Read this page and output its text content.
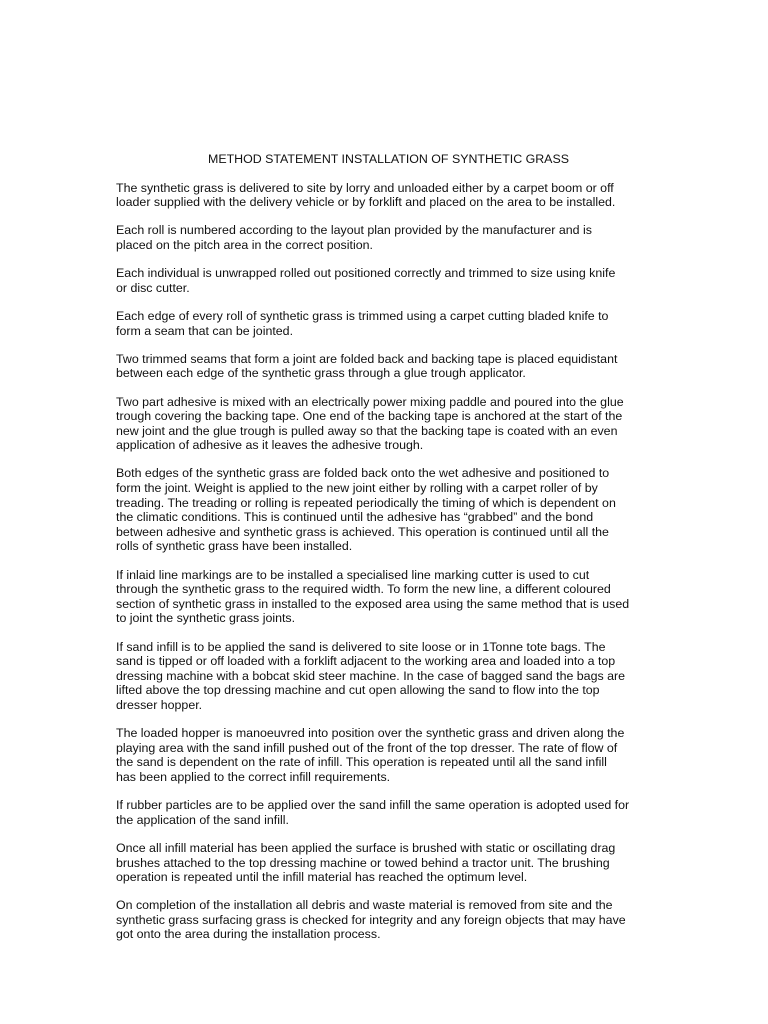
METHOD STATEMENT INSTALLATION OF SYNTHETIC GRASS

The synthetic grass is delivered to site by lorry and unloaded either by a carpet boom or off
loader supplied with the delivery vehicle or by forklift and placed on the area to be installed.

Each roll is numbered according to the layout plan provided by the manufacturer and is
placed on the pitch area in the correct position.

Each individual is unwrapped rolled out positioned correctly and trimmed to size using knife
or disc cutter.

Each edge of every roll of synthetic grass is trimmed using a carpet cutting bladed knife to
form a seam that can be jointed.

Two trimmed seams that form a joint are folded back and backing tape is placed equidistant
between each edge of the synthetic grass through a glue trough applicator.

Two part adhesive is mixed with an electrically power mixing paddle and poured into the glue
trough covering the backing tape. One end of the backing tape is anchored at the start of the
new joint and the glue trough is pulled away so that the backing tape is coated with an even
application of adhesive as it leaves the adhesive trough.

Both edges of the synthetic grass are folded back onto the wet adhesive and positioned to
form the joint. Weight is applied to the new joint either by rolling with a carpet roller of by
treading. The treading or rolling is repeated periodically the timing of which is dependent on
the climatic conditions. This is continued until the adhesive has “grabbed” and the bond
between adhesive and synthetic grass is achieved. This operation is continued until all the
rolls of synthetic grass have been installed.

If inlaid line markings are to be installed a specialised line marking cutter is used to cut
through the synthetic grass to the required width. To form the new line, a different coloured
section of synthetic grass in installed to the exposed area using the same method that is used
to joint the synthetic grass joints.

If sand infill is to be applied the sand is delivered to site loose or in 1Tonne tote bags. The
sand is tipped or off loaded with a forklift adjacent to the working area and loaded into a top
dressing machine with a bobcat skid steer machine. In the case of bagged sand the bags are
lifted above the top dressing machine and cut open allowing the sand to flow into the top
dresser hopper.

The loaded hopper is manoeuvred into position over the synthetic grass and driven along the
playing area with the sand infill pushed out of the front of the top dresser. The rate of flow of
the sand is dependent on the rate of infill. This operation is repeated until all the sand infill
has been applied to the correct infill requirements.

If rubber particles are to be applied over the sand infill the same operation is adopted used for
the application of the sand infill.

Once all infill material has been applied the surface is brushed with static or oscillating drag
brushes attached to the top dressing machine or towed behind a tractor unit. The brushing
operation is repeated until the infill material has reached the optimum level.

On completion of the installation all debris and waste material is removed from site and the
synthetic grass surfacing grass is checked for integrity and any foreign objects that may have
got onto the area during the installation process.
